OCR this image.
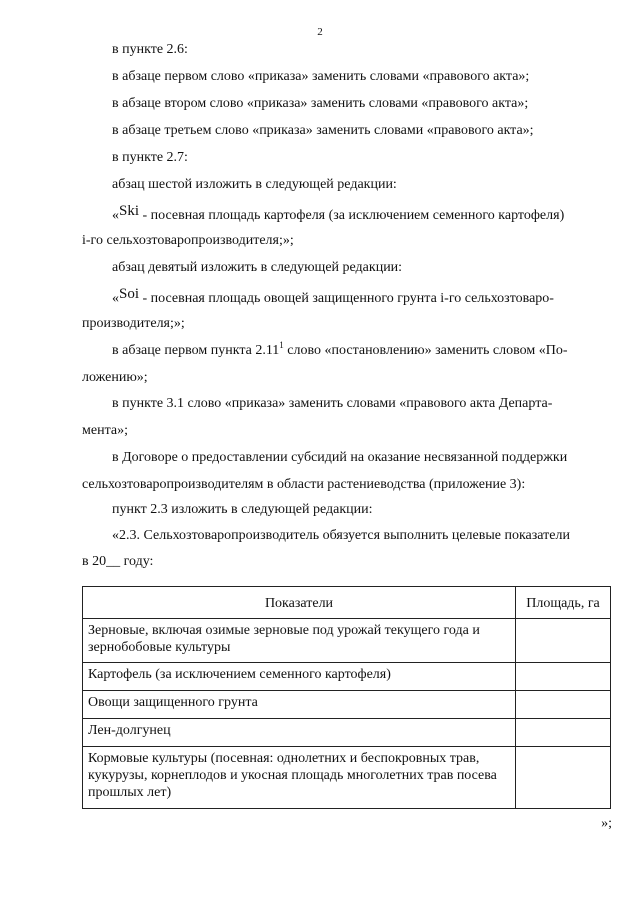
2
в пункте 2.6:
в абзаце первом слово «приказа» заменить словами «правового акта»;
в абзаце втором слово «приказа» заменить словами «правового акта»;
в абзаце третьем слово «приказа» заменить словами «правового акта»;
в пункте 2.7:
абзац шестой изложить в следующей редакции:
«Ski - посевная площадь картофеля (за исключением семенного картофеля)
i-го сельхозтоваропроизводителя;»;
абзац девятый изложить в следующей редакции:
«Soi - посевная площадь овощей защищенного грунта i-го сельхозтоваро-
производителя;»;
в абзаце первом пункта 2.11$^1$ слово «постановлению» заменить словом «По-
ложению»;
в пункте 3.1 слово «приказа» заменить словами «правового акта Департа-
мента»;
в Договоре о предоставлении субсидий на оказание несвязанной поддержки
сельхозтоваропроизводителям в области растениеводства (приложение 3):
пункт 2.3 изложить в следующей редакции:
«2.3. Сельхозтоваропроизводитель обязуется выполнить целевые показатели
в 20__ году:
Показатели	Площадь, га
Зерновые, включая озимые зерновые под урожай текущего года и зернобобовые культуры	
Картофель (за исключением семенного картофеля)	
Овощи защищенного грунта	
Лен-долгунец	
Кормовые культуры (посевная: однолетних и беспокровных трав, кукурузы, корнеплодов и укосная площадь многолетних трав посева прошлых лет)	
»;
